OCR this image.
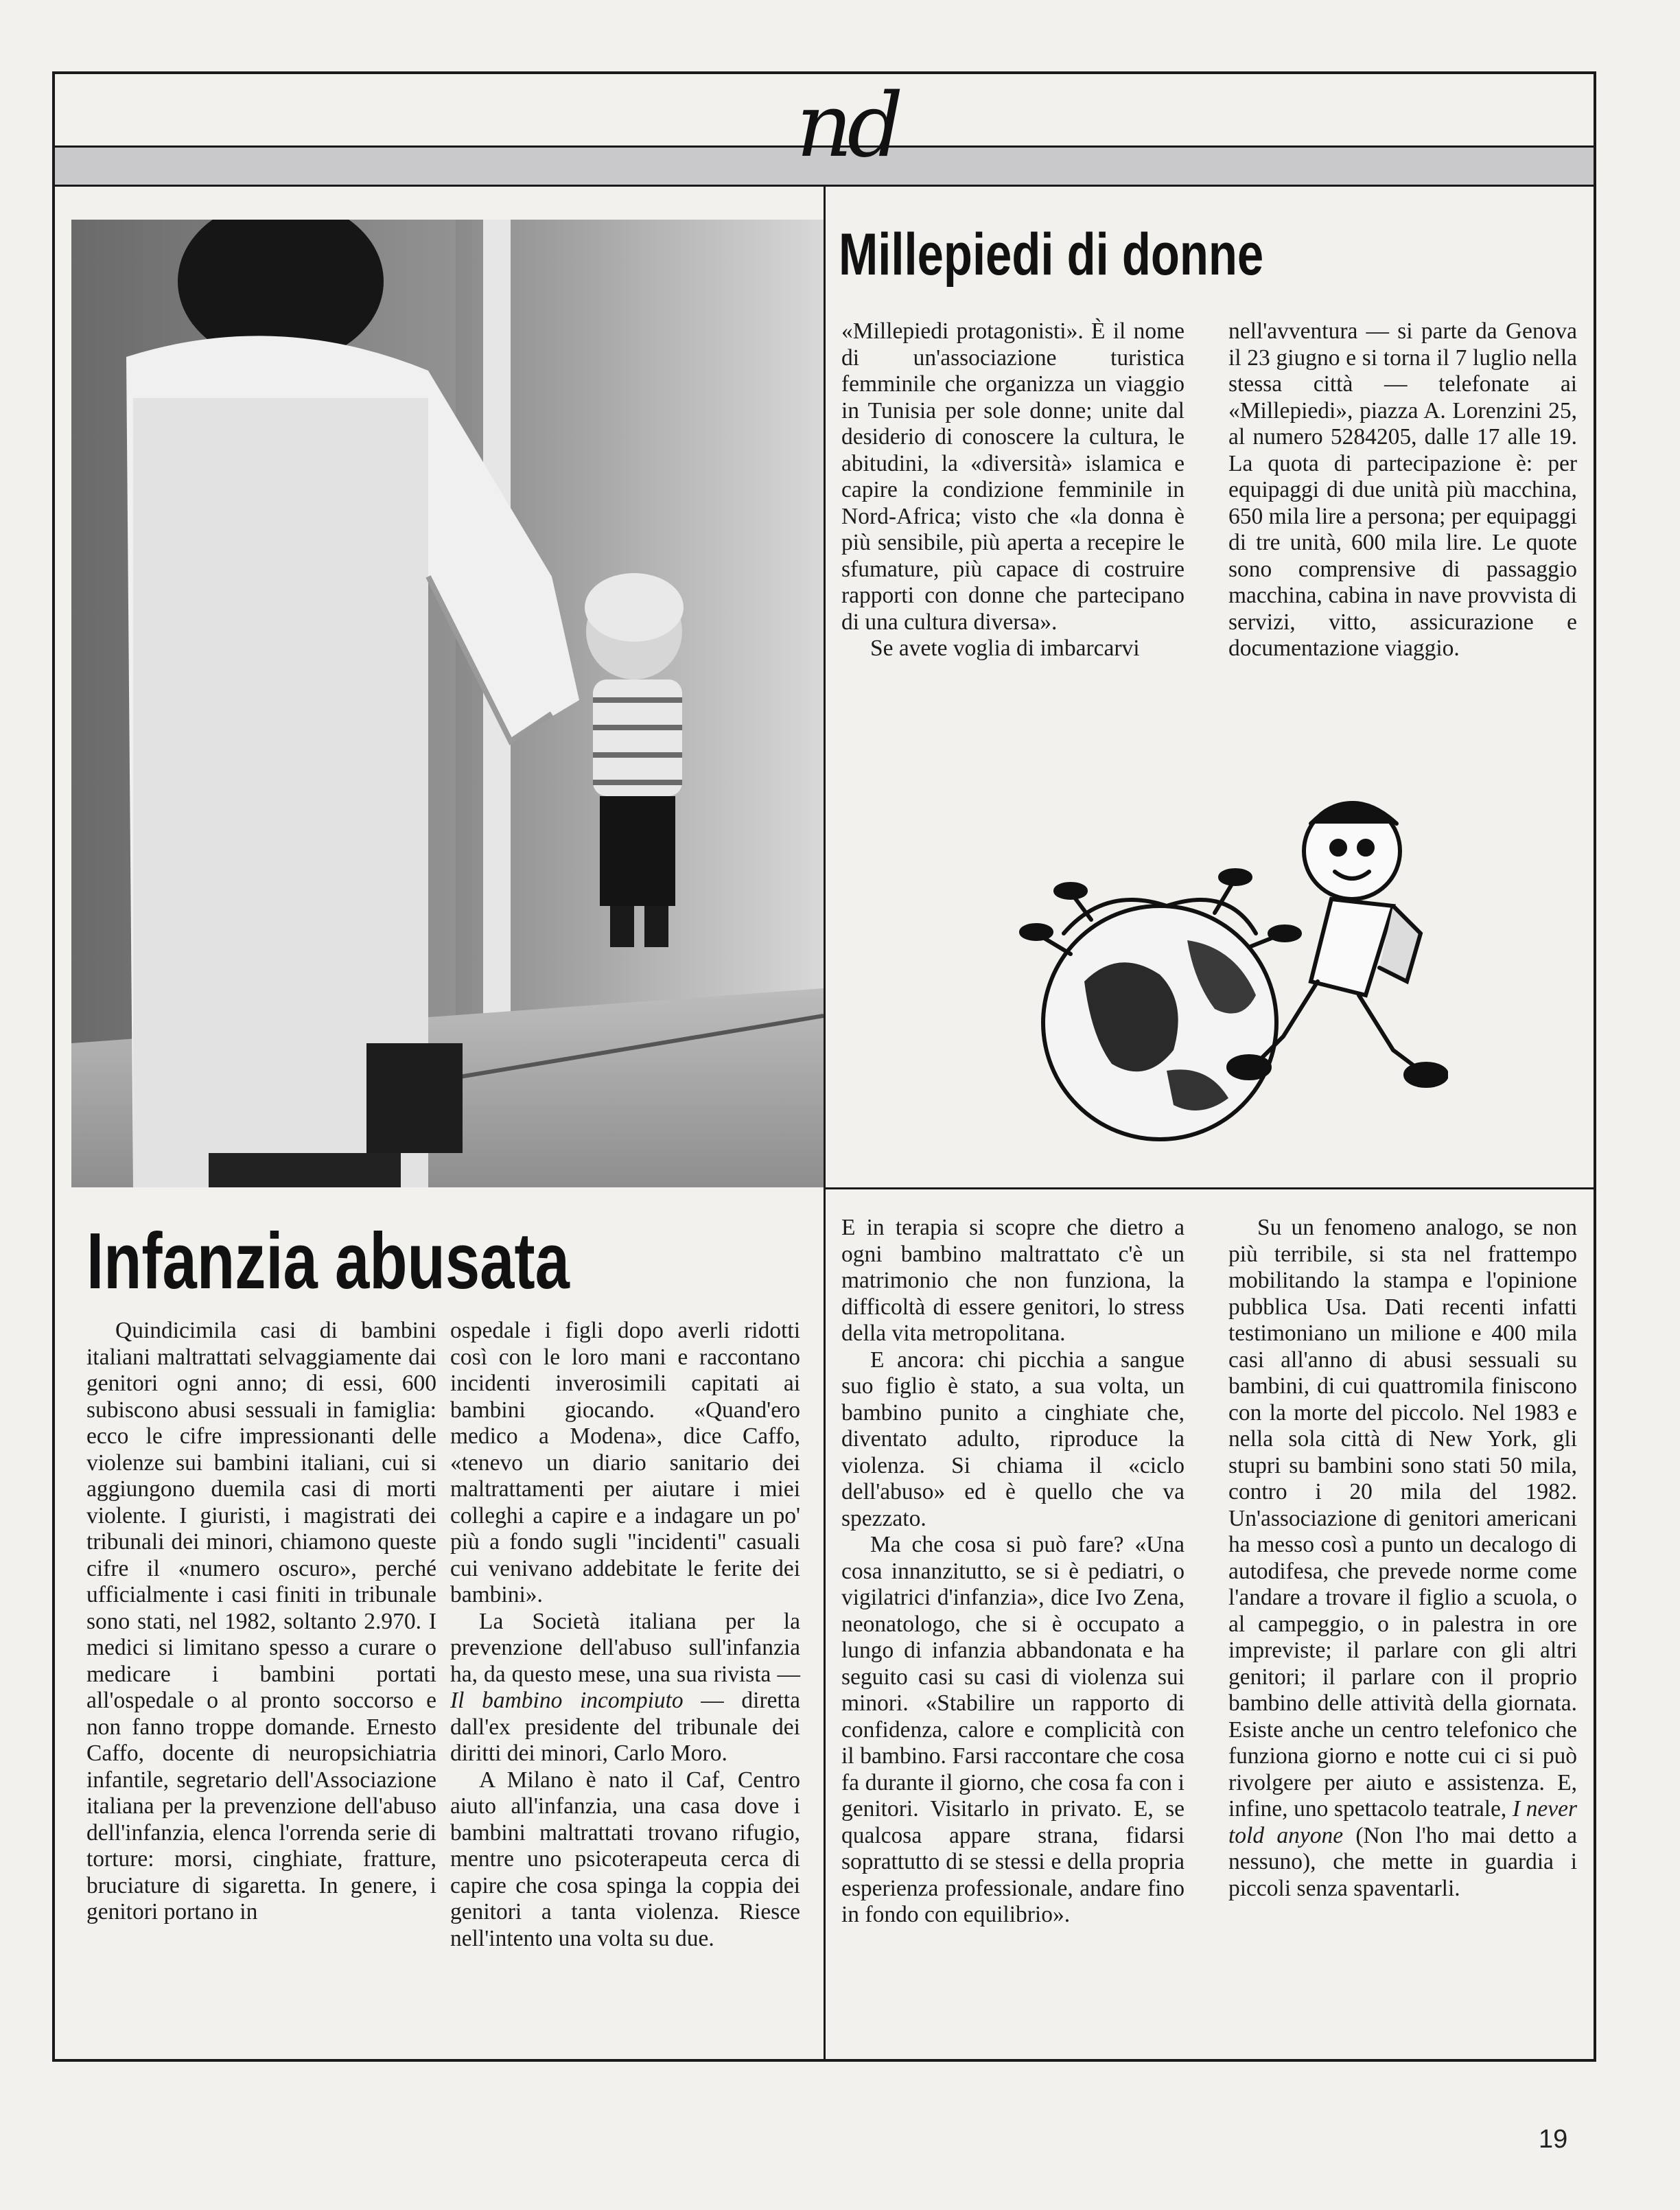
nd
Millepiedi di donne

«Millepiedi protagonisti». È il nome di un'associazione turistica femminile che organizza un viaggio in Tunisia per sole donne; unite dal desiderio di conoscere la cultura, le abitudini, la «diversità» islamica e capire la condizione femminile in Nord-Africa; visto che «la donna è più sensibile, più aperta a recepire le sfumature, più capace di costruire rapporti con donne che partecipano di una cultura diversa».

Se avete voglia di imbarcarvi

nell'avventura — si parte da Genova il 23 giugno e si torna il 7 luglio nella stessa città — telefonate ai «Millepiedi», piazza A. Lorenzini 25, al numero 5284205, dalle 17 alle 19. La quota di partecipazione è: per equipaggi di due unità più macchina, 650 mila lire a persona; per equipaggi di tre unità, 600 mila lire. Le quote sono comprensive di passaggio macchina, cabina in nave provvista di servizi, vitto, assicurazione e documentazione viaggio.

Infanzia abusata

Quindicimila casi di bambini italiani maltrattati selvaggiamente dai genitori ogni anno; di essi, 600 subiscono abusi sessuali in famiglia: ecco le cifre impressionanti delle violenze sui bambini italiani, cui si aggiungono duemila casi di morti violente. I giuristi, i magistrati dei tribunali dei minori, chiamono queste cifre il «numero oscuro», perché ufficialmente i casi finiti in tribunale sono stati, nel 1982, soltanto 2.970. I medici si limitano spesso a curare o medicare i bambini portati all'ospedale o al pronto soccorso e non fanno troppe domande. Ernesto Caffo, docente di neuropsichiatria infantile, segretario dell'Associazione italiana per la prevenzione dell'abuso dell'infanzia, elenca l'orrenda serie di torture: morsi, cinghiate, fratture, bruciature di sigaretta. In genere, i genitori portano in

ospedale i figli dopo averli ridotti così con le loro mani e raccontano incidenti inverosimili capitati ai bambini giocando. «Quand'ero medico a Modena», dice Caffo, «tenevo un diario sanitario dei maltrattamenti per aiutare i miei colleghi a capire e a indagare un po' più a fondo sugli "incidenti" casuali cui venivano addebitate le ferite dei bambini».

La Società italiana per la prevenzione dell'abuso sull'infanzia ha, da questo mese, una sua rivista — Il bambino incompiuto — diretta dall'ex presidente del tribunale dei diritti dei minori, Carlo Moro.

A Milano è nato il Caf, Centro aiuto all'infanzia, una casa dove i bambini maltrattati trovano rifugio, mentre uno psicoterapeuta cerca di capire che cosa spinga la coppia dei genitori a tanta violenza. Riesce nell'intento una volta su due.

E in terapia si scopre che dietro a ogni bambino maltrattato c'è un matrimonio che non funziona, la difficoltà di essere genitori, lo stress della vita metropolitana.

E ancora: chi picchia a sangue suo figlio è stato, a sua volta, un bambino punito a cinghiate che, diventato adulto, riproduce la violenza. Si chiama il «ciclo dell'abuso» ed è quello che va spezzato.

Ma che cosa si può fare? «Una cosa innanzitutto, se si è pediatri, o vigilatrici d'infanzia», dice Ivo Zena, neonatologo, che si è occupato a lungo di infanzia abbandonata e ha seguito casi su casi di violenza sui minori. «Stabilire un rapporto di confidenza, calore e complicità con il bambino. Farsi raccontare che cosa fa durante il giorno, che cosa fa con i genitori. Visitarlo in privato. E, se qualcosa appare strana, fidarsi soprattutto di se stessi e della propria esperienza professionale, andare fino in fondo con equilibrio».

Su un fenomeno analogo, se non più terribile, si sta nel frattempo mobilitando la stampa e l'opinione pubblica Usa. Dati recenti infatti testimoniano un milione e 400 mila casi all'anno di abusi sessuali su bambini, di cui quattromila finiscono con la morte del piccolo. Nel 1983 e nella sola città di New York, gli stupri su bambini sono stati 50 mila, contro i 20 mila del 1982. Un'associazione di genitori americani ha messo così a punto un decalogo di autodifesa, che prevede norme come l'andare a trovare il figlio a scuola, o al campeggio, o in palestra in ore impreviste; il parlare con gli altri genitori; il parlare con il proprio bambino delle attività della giornata. Esiste anche un centro telefonico che funziona giorno e notte cui ci si può rivolgere per aiuto e assistenza. E, infine, uno spettacolo teatrale, I never told anyone (Non l'ho mai detto a nessuno), che mette in guardia i piccoli senza spaventarli.

19
